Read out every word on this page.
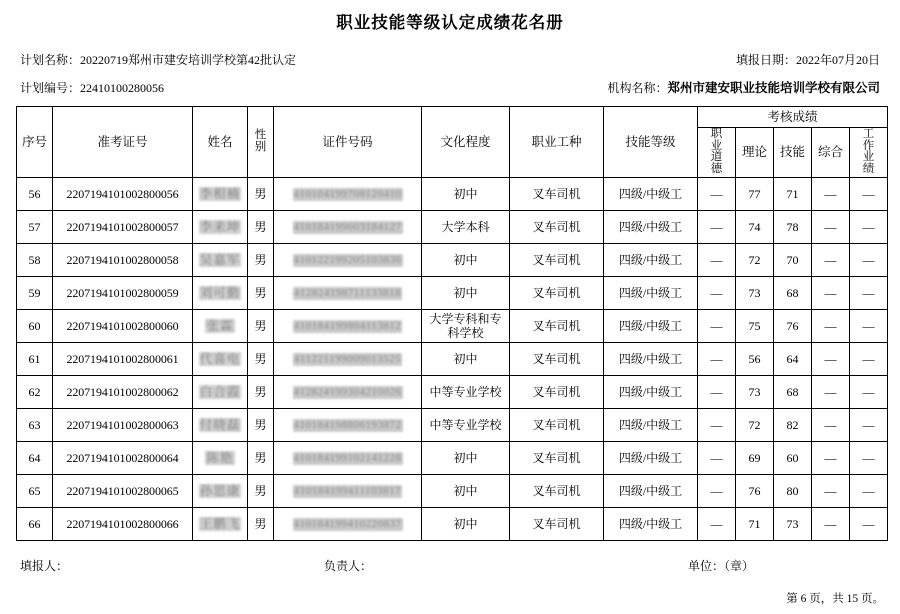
职业技能等级认定成绩花名册
计划名称：20220719郑州市建安培训学校第42批认定	填报日期：2022年07月20日
计划编号：22410100280056	机构名称：郑州市建安职业技能培训学校有限公司
序号	准考证号	姓名	性别	证件号码	文化程度	职业工种	技能等级	考核成绩				
								职业道德	理论	技能	综合	工作业绩
56	2207194101002800056	李相楠	男	410104199708120410	初中	叉车司机	四级/中级工	—	77	71	—	—
57	2207194101002800057	李来坤	男	410184199003184127	大学本科	叉车司机	四级/中级工	—	74	78	—	—
58	2207194101002800058	吴嘉军	男	410122199205103836	初中	叉车司机	四级/中级工	—	72	70	—	—
59	2207194101002800059	刘可勤	男	412824198711133818	初中	叉车司机	四级/中级工	—	73	68	—	—
60	2207194101002800060	张霖	男	410184199804113812	大学专科和专科学校	叉车司机	四级/中级工	—	75	76	—	—
61	2207194101002800061	代喜电	男	411221199009013525	初中	叉车司机	四级/中级工	—	56	64	—	—
62	2207194101002800062	白合霞	男	412824199304210026	中等专业学校	叉车司机	四级/中级工	—	73	68	—	—
63	2207194101002800063	付晓磊	男	410184198806193872	中等专业学校	叉车司机	四级/中级工	—	72	82	—	—
64	2207194101002800064	陈艳	男	410184199102141228	初中	叉车司机	四级/中级工	—	69	60	—	—
65	2207194101002800065	孙思康	男	410184199411103817	初中	叉车司机	四级/中级工	—	76	80	—	—
66	2207194101002800066	王鹏飞	男	410184199410220837	初中	叉车司机	四级/中级工	—	71	73	—	—
填报人：	负责人：	单位：（章）
第 6 页，共 15 页。
